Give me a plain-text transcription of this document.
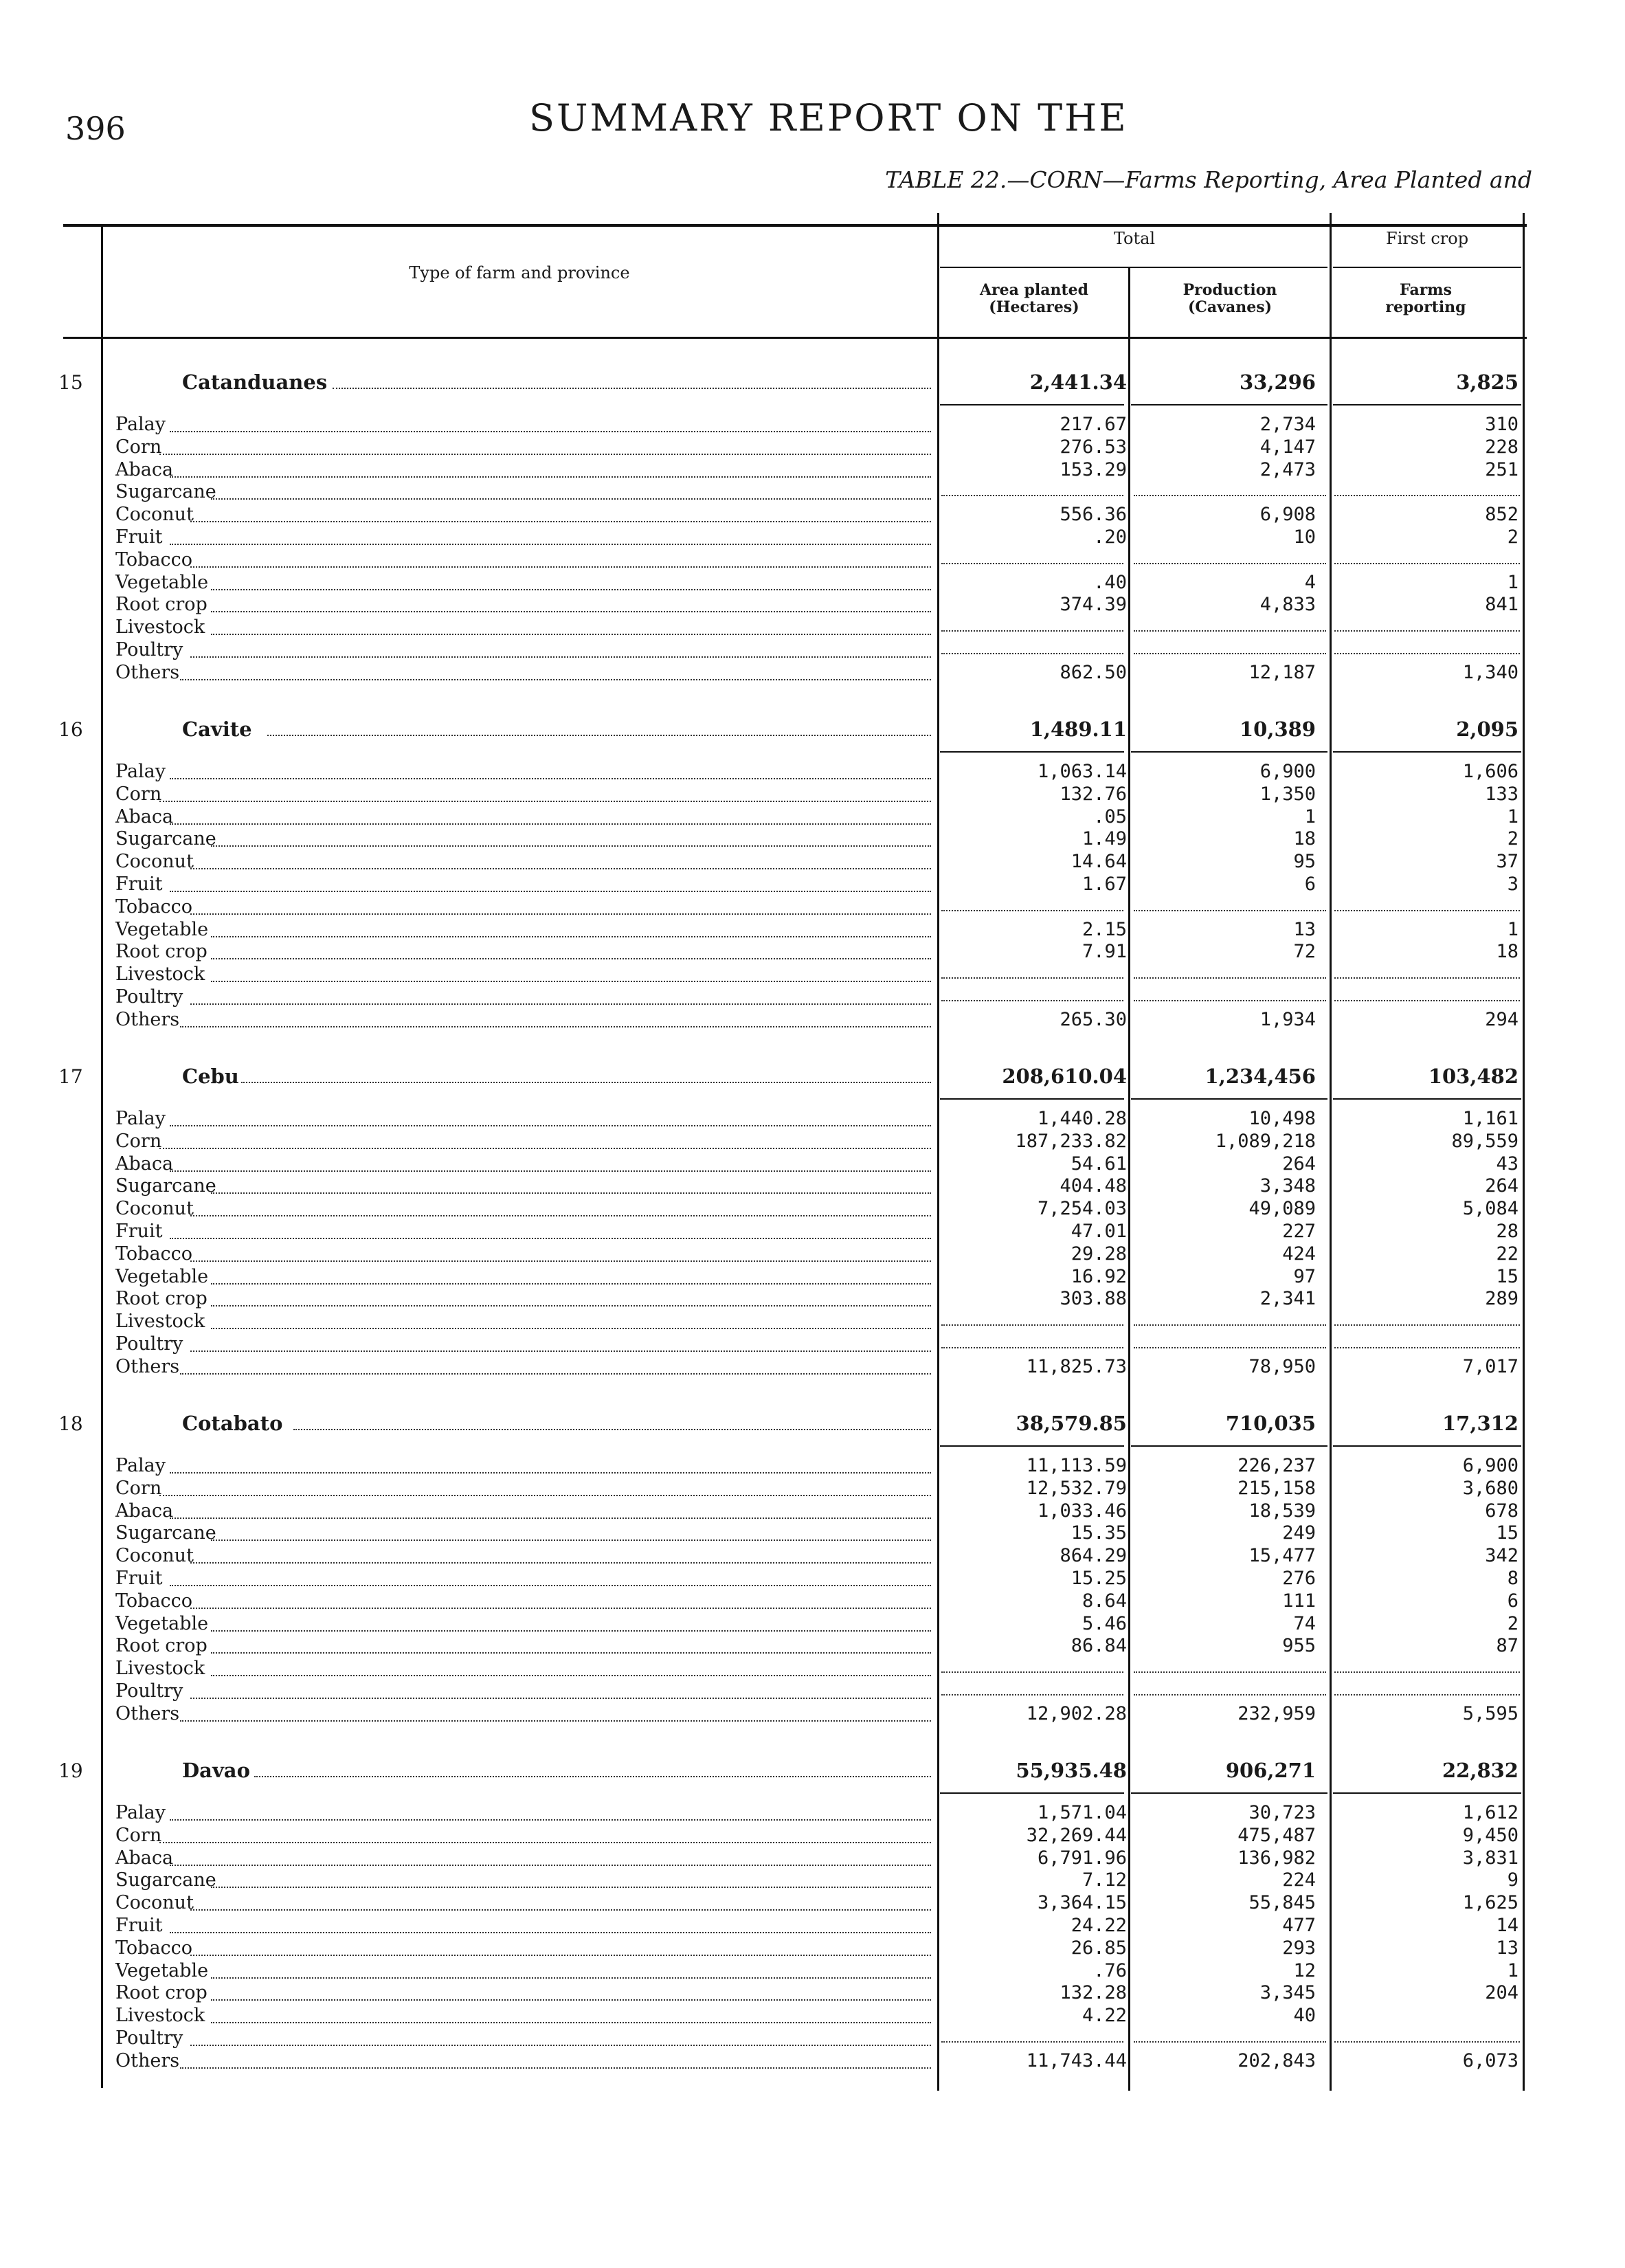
396	SUMMARY REPORT ON THE
TABLE 22.—CORN—Farms Reporting, Area Planted and
Type of farm and province
Total	First crop
Area planted (Hectares)
Production (Cavanes)
Farms reporting
15	Catanduanes	2,441.34	33,296	3,825
Palay	217.67	2,734	310
Corn	276.53	4,147	228
Abaca	153.29	2,473	251
Sugarcane
Coconut	556.36	6,908	852
Fruit	.20	10	2
Tobacco
Vegetable	.40	4	1
Root crop	374.39	4,833	841
Livestock
Poultry
Others	862.50	12,187	1,340
16	Cavite	1,489.11	10,389	2,095
Palay	1,063.14	6,900	1,606
Corn	132.76	1,350	133
Abaca	.05	1	1
Sugarcane	1.49	18	2
Coconut	14.64	95	37
Fruit	1.67	6	3
Tobacco
Vegetable	2.15	13	1
Root crop	7.91	72	18
Livestock
Poultry
Others	265.30	1,934	294
17	Cebu	208,610.04	1,234,456	103,482
Palay	1,440.28	10,498	1,161
Corn	187,233.82	1,089,218	89,559
Abaca	54.61	264	43
Sugarcane	404.48	3,348	264
Coconut	7,254.03	49,089	5,084
Fruit	47.01	227	28
Tobacco	29.28	424	22
Vegetable	16.92	97	15
Root crop	303.88	2,341	289
Livestock
Poultry
Others	11,825.73	78,950	7,017
18	Cotabato	38,579.85	710,035	17,312
Palay	11,113.59	226,237	6,900
Corn	12,532.79	215,158	3,680
Abaca	1,033.46	18,539	678
Sugarcane	15.35	249	15
Coconut	864.29	15,477	342
Fruit	15.25	276	8
Tobacco	8.64	111	6
Vegetable	5.46	74	2
Root crop	86.84	955	87
Livestock
Poultry
Others	12,902.28	232,959	5,595
19	Davao	55,935.48	906,271	22,832
Palay	1,571.04	30,723	1,612
Corn	32,269.44	475,487	9,450
Abaca	6,791.96	136,982	3,831
Sugarcane	7.12	224	9
Coconut	3,364.15	55,845	1,625
Fruit	24.22	477	14
Tobacco	26.85	293	13
Vegetable	.76	12	1
Root crop	132.28	3,345	204
Livestock	4.22	40
Poultry
Others	11,743.44	202,843	6,073
